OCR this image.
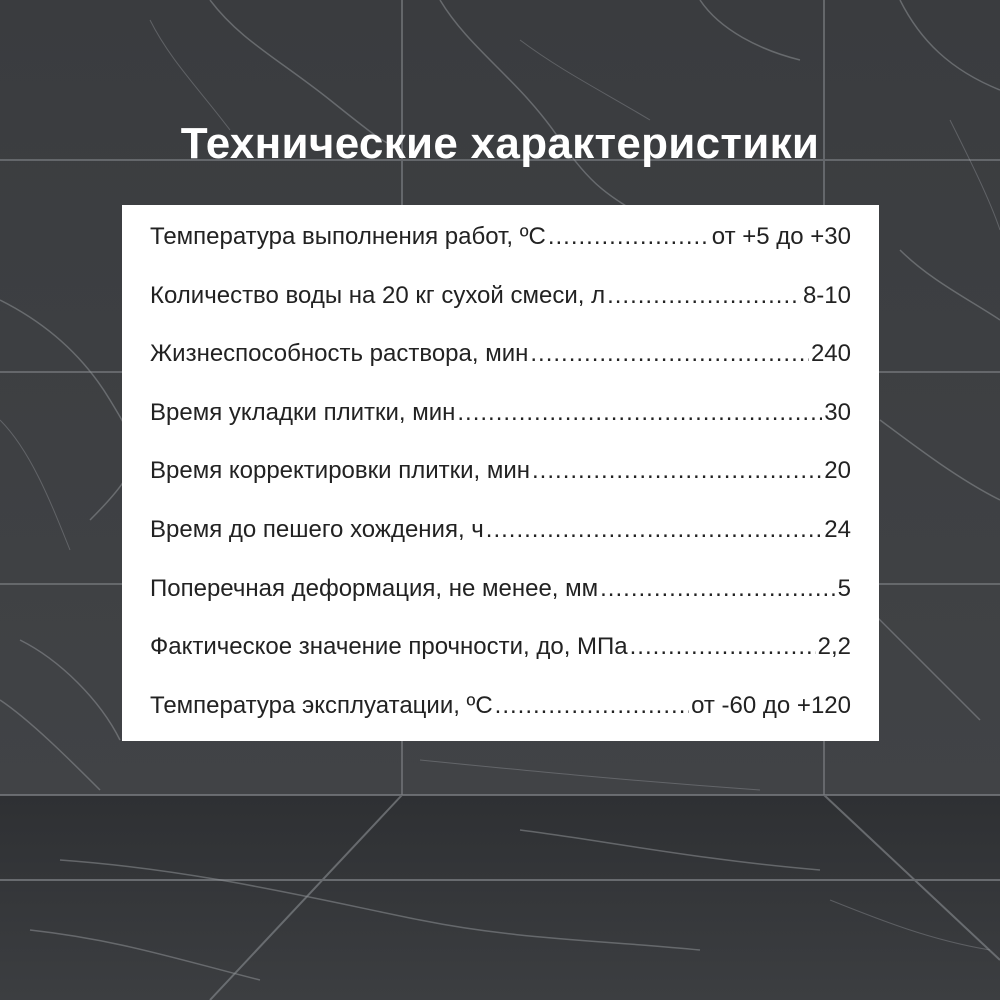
Технические характеристики
Температура выполнения работ, ºС .....	от +5 до +30
Количество воды на 20 кг сухой смеси, л .....	8-10
Жизнеспособность раствора, мин .....	240
Время укладки плитки, мин .....	30
Время корректировки плитки, мин .....	20
Время до пешего хождения, ч .....	24
Поперечная деформация, не менее, мм .....	5
Фактическое значение прочности, до, МПа .....	2,2
Температура эксплуатации, ºС .....	от -60 до +120
